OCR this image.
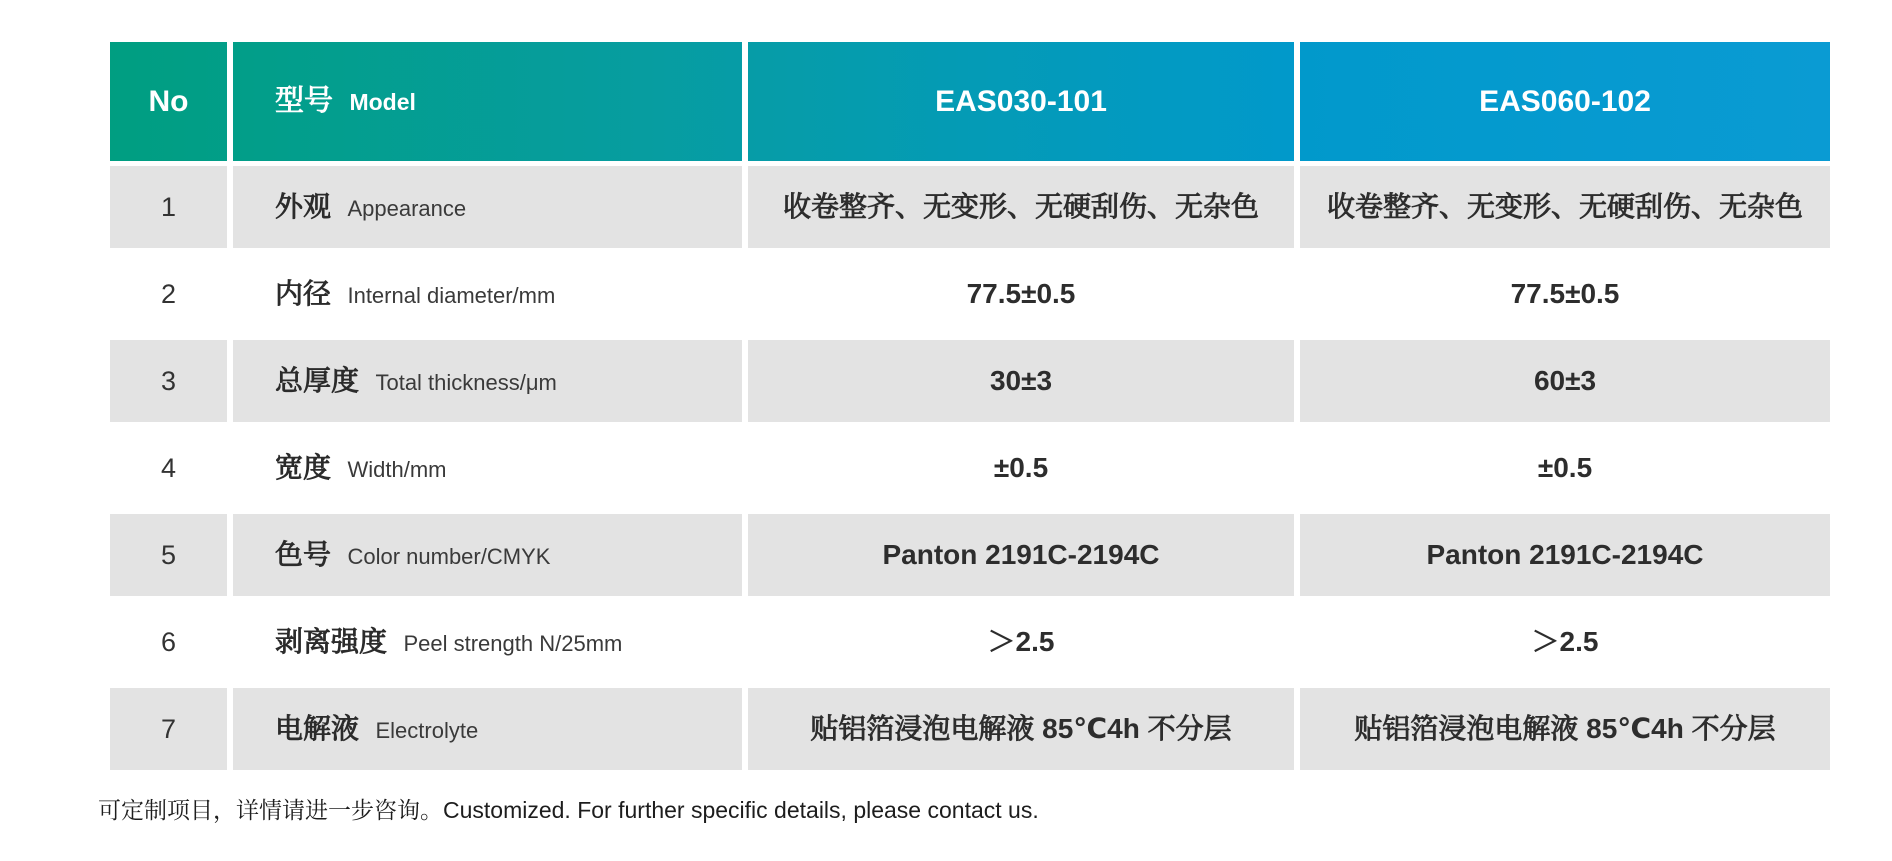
No	型号 Model	EAS030-101	EAS060-102
1	外观 Appearance	收卷整齐、无变形、无硬刮伤、无杂色	收卷整齐、无变形、无硬刮伤、无杂色
2	内径 Internal diameter/mm	77.5±0.5	77.5±0.5
3	总厚度 Total thickness/μm	30±3	60±3
4	宽度 Width/mm	±0.5	±0.5
5	色号 Color number/CMYK	Panton 2191C-2194C	Panton 2191C-2194C
6	剥离强度 Peel strength N/25mm	＞2.5	＞2.5
7	电解液 Electrolyte	贴铝箔浸泡电解液 85℃4h 不分层	贴铝箔浸泡电解液 85℃4h 不分层
可定制项目，详情请进一步咨询。Customized. For further specific details, please contact us.
